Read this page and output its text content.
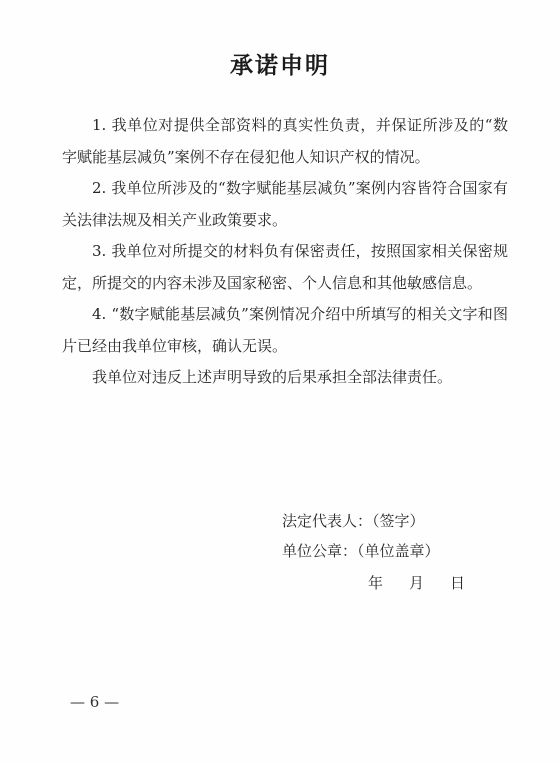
承诺申明

1. 我单位对提供全部资料的真实性负责，并保证所涉及的“数字赋能基层减负”案例不存在侵犯他人知识产权的情况。

2. 我单位所涉及的“数字赋能基层减负”案例内容皆符合国家有关法律法规及相关产业政策要求。

3. 我单位对所提交的材料负有保密责任，按照国家相关保密规定，所提交的内容未涉及国家秘密、个人信息和其他敏感信息。

4. “数字赋能基层减负”案例情况介绍中所填写的相关文字和图片已经由我单位审核，确认无误。

我单位对违反上述声明导致的后果承担全部法律责任。

法定代表人：（签字）
单位公章：（单位盖章）
年 月 日
— 6 —
